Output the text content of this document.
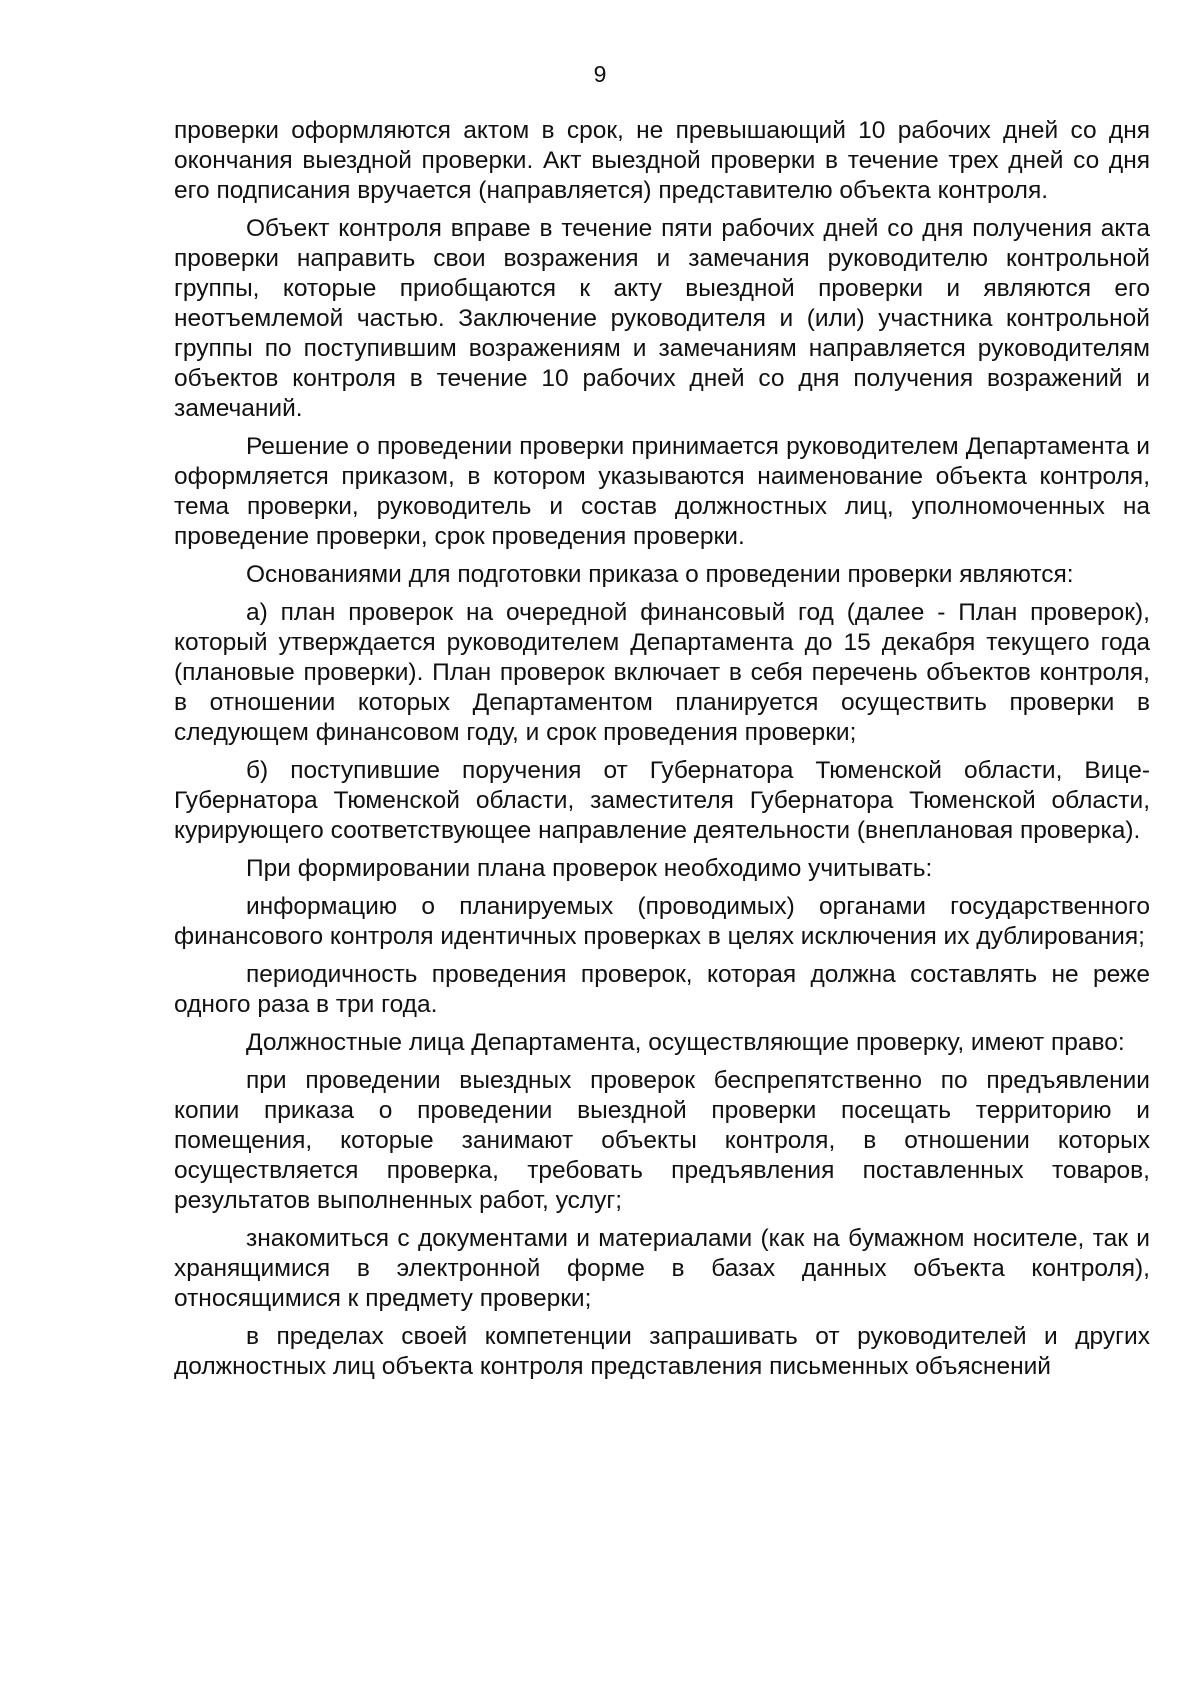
9

проверки оформляются актом в срок, не превышающий 10 рабочих дней со дня окончания выездной проверки. Акт выездной проверки в течение трех дней со дня его подписания вручается (направляется) представителю объекта контроля.

Объект контроля вправе в течение пяти рабочих дней со дня получения акта проверки направить свои возражения и замечания руководителю контрольной группы, которые приобщаются к акту выездной проверки и являются его неотъемлемой частью. Заключение руководителя и (или) участника контрольной группы по поступившим возражениям и замечаниям направляется руководителям объектов контроля в течение 10 рабочих дней со дня получения возражений и замечаний.

Решение о проведении проверки принимается руководителем Департамента и оформляется приказом, в котором указываются наименование объекта контроля, тема проверки, руководитель и состав должностных лиц, уполномоченных на проведение проверки, срок проведения проверки.

Основаниями для подготовки приказа о проведении проверки являются:

а) план проверок на очередной финансовый год (далее - План проверок), который утверждается руководителем Департамента до 15 декабря текущего года (плановые проверки). План проверок включает в себя перечень объектов контроля, в отношении которых Департаментом планируется осуществить проверки в следующем финансовом году, и срок проведения проверки;

б) поступившие поручения от Губернатора Тюменской области, Вице-Губернатора Тюменской области, заместителя Губернатора Тюменской области, курирующего соответствующее направление деятельности (внеплановая проверка).

При формировании плана проверок необходимо учитывать:

информацию о планируемых (проводимых) органами государственного финансового контроля идентичных проверках в целях исключения их дублирования;

периодичность проведения проверок, которая должна составлять не реже одного раза в три года.

Должностные лица Департамента, осуществляющие проверку, имеют право:

при проведении выездных проверок беспрепятственно по предъявлении копии приказа о проведении выездной проверки посещать территорию и помещения, которые занимают объекты контроля, в отношении которых осуществляется проверка, требовать предъявления поставленных товаров, результатов выполненных работ, услуг;

знакомиться с документами и материалами (как на бумажном носителе, так и хранящимися в электронной форме в базах данных объекта контроля), относящимися к предмету проверки;

в пределах своей компетенции запрашивать от руководителей и других должностных лиц объекта контроля представления письменных объяснений
